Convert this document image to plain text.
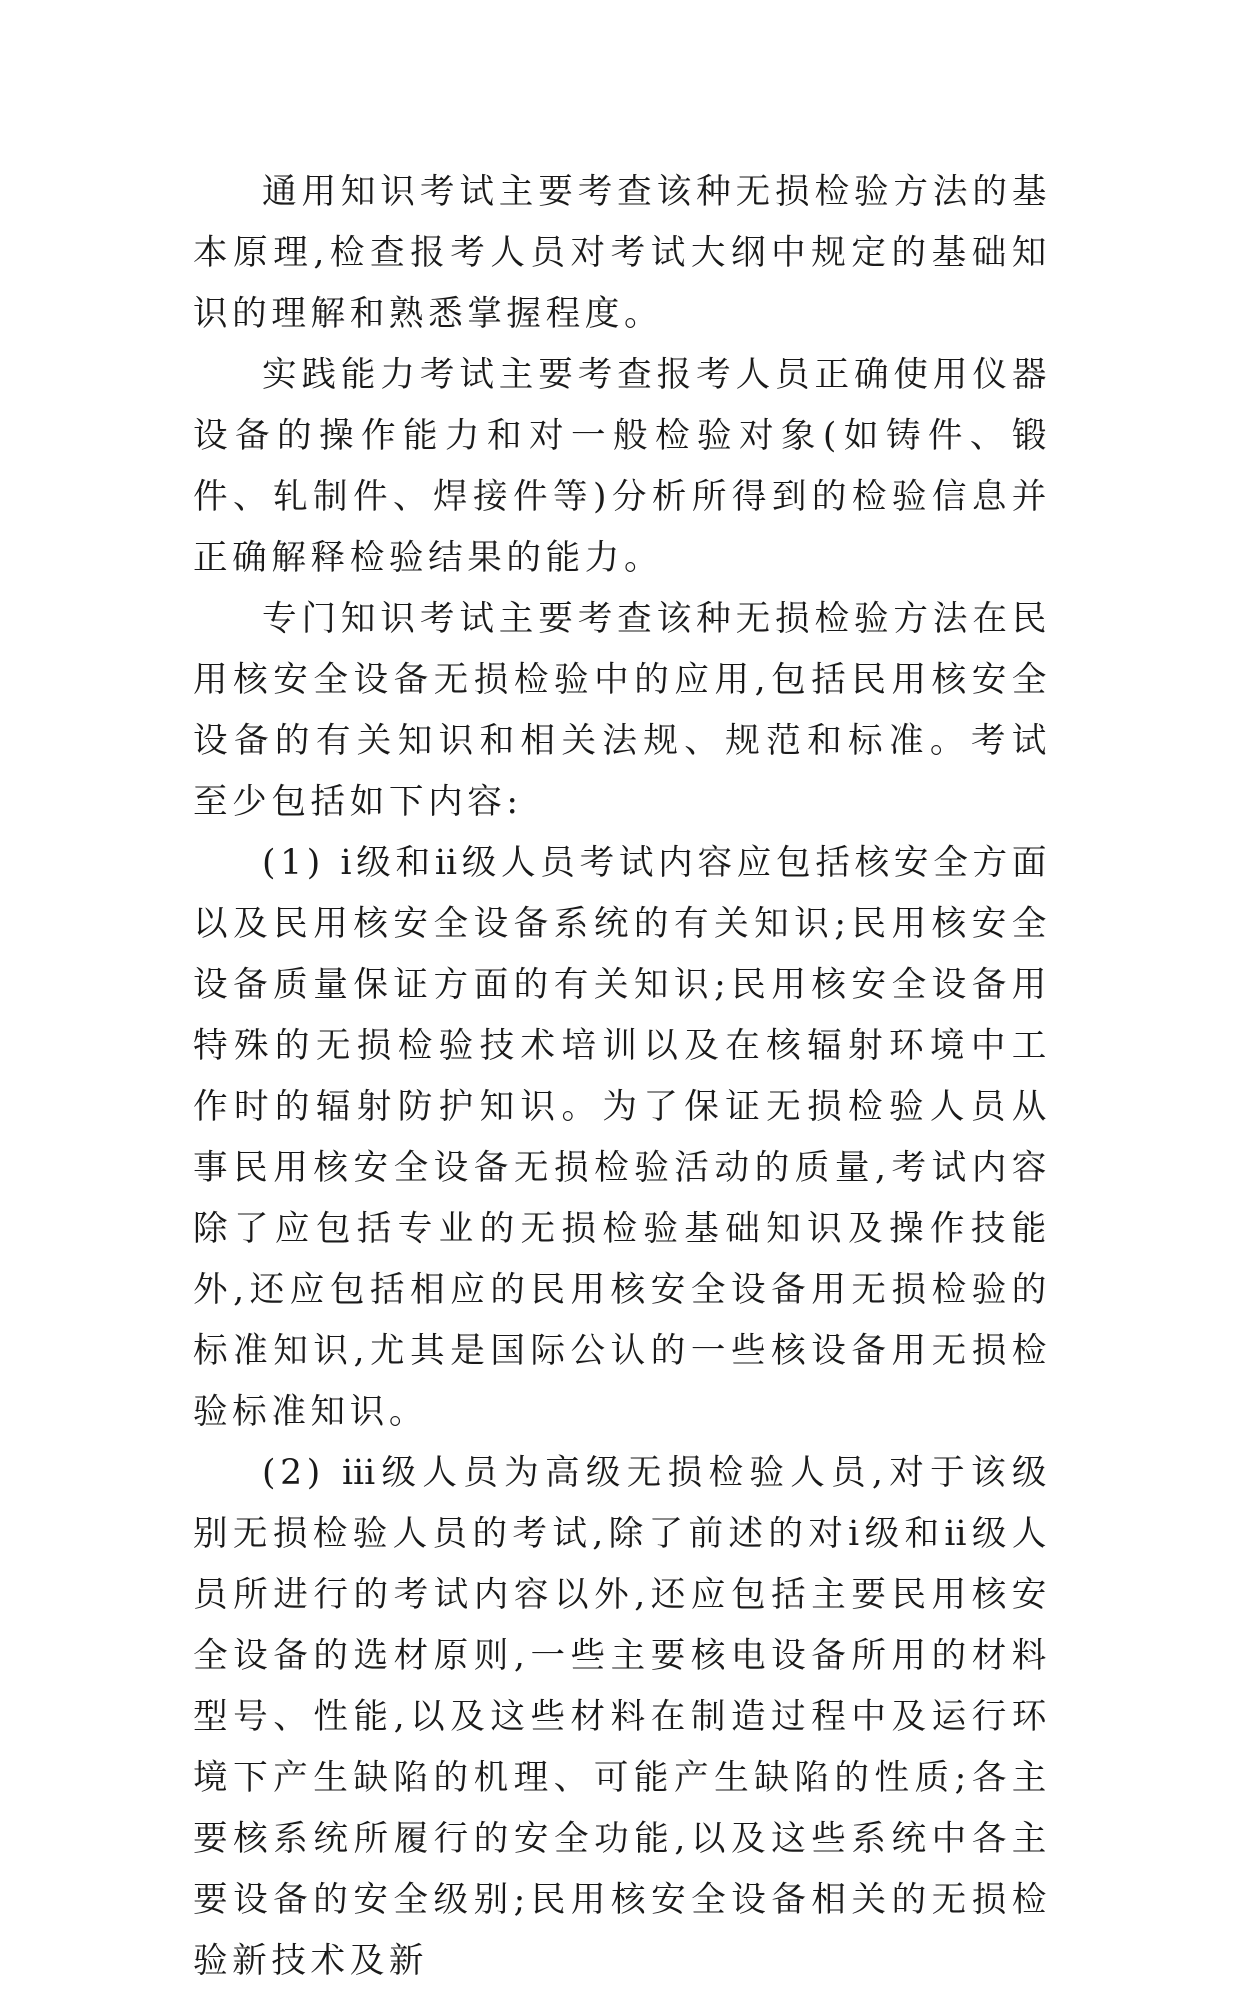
通用知识考试主要考查该种无损检验方法的基本原理,检查报考人员对考试大纲中规定的基础知识的理解和熟悉掌握程度。

实践能力考试主要考查报考人员正确使用仪器设备的操作能力和对一般检验对象(如铸件、锻件、轧制件、焊接件等)分析所得到的检验信息并正确解释检验结果的能力。

专门知识考试主要考查该种无损检验方法在民用核安全设备无损检验中的应用,包括民用核安全设备的有关知识和相关法规、规范和标准。考试至少包括如下内容:

(1) ⅰ级和ⅱ级人员考试内容应包括核安全方面以及民用核安全设备系统的有关知识;民用核安全设备质量保证方面的有关知识;民用核安全设备用特殊的无损检验技术培训以及在核辐射环境中工作时的辐射防护知识。为了保证无损检验人员从事民用核安全设备无损检验活动的质量,考试内容除了应包括专业的无损检验基础知识及操作技能外,还应包括相应的民用核安全设备用无损检验的标准知识,尤其是国际公认的一些核设备用无损检验标准知识。

(2) ⅲ级人员为高级无损检验人员,对于该级别无损检验人员的考试,除了前述的对ⅰ级和ⅱ级人员所进行的考试内容以外,还应包括主要民用核安全设备的选材原则,一些主要核电设备所用的材料型号、性能,以及这些材料在制造过程中及运行环境下产生缺陷的机理、可能产生缺陷的性质;各主要核系统所履行的安全功能,以及这些系统中各主要设备的安全级别;民用核安全设备相关的无损检验新技术及新
